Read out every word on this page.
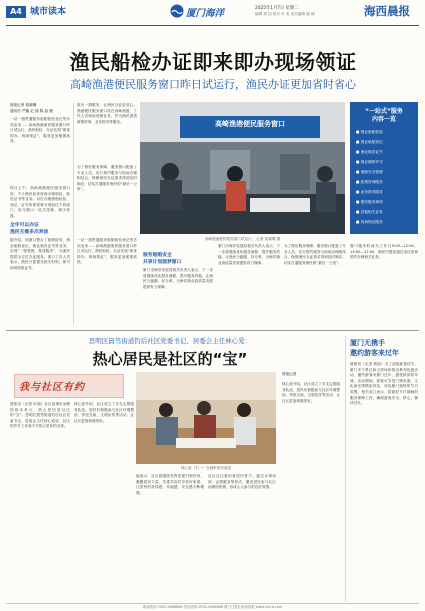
A4 城市读本	厦门海洋	2025年1月7日 星期二
编辑 刘 钧 校对 叶 美 美术编辑 姚 楠	海西晨报
渔民船检办证即来即办现场领证
高崎渔港便民服务窗口昨日试运行，渔民办证更加省时省心
晨报记者 詹颖琳
通讯员 严鑫 记 丽 陈 晶 摄
一站一窗贯通服务船舶检验登记等多项业务……高崎渔港便民服务窗口昨日试运行，渔民船检、办证实现“即来即办、现场领证”，服务更加便捷高效。
昨日上午，高崎渔港便民服务窗口前，不少渔民前来咨询办理船检、船员证书等业务。以往办理渔船检验、登记、证书申领需要分别前往不同部门，如今窗口一站式受理，减少奔波。
全年可以办证
渔民无需多次奔波
据介绍，该窗口整合了船舶检验、渔业船舶登记、渔业船员证书等业务，实现“一窗受理、集成服务”，为渔民提供全方位办证服务。窗口工作人员表示，渔民只需提交相关材料，即可现场领取证书。
推出一窗服务，让渔民办证更省心。渔港便民服务窗口设在高崎渔港，工作人员现场受理业务，并为渔民提供政策咨询、业务指导等服务。
为了做好服务保障，服务窗口配备了专业人员，实行预约服务与现场办理相结合，保障渔民办证需求得到及时响应，切实打通服务渔民的“最后一公里”。
服务船舶安全
共享计划圆梦窗口
厦门市海洋发展局相关负责人表示，下一步将继续优化服务流程，提升服务效能，让渔民少跑腿、好办事，为海洋渔业高质量发展提供有力保障。
一站一窗贯通服务船舶检验登记等多项业务……高崎渔港便民服务窗口昨日试运行，渔民船检、办证实现“即来即办、现场领证”，服务更加便捷高效。
高崎渔港便民服务窗口
高崎渔港便民服务窗口试运行。 记者 詹颖琳 摄
厦门市海洋发展局相关负责人表示，下一步将继续优化服务流程，提升服务效能，让渔民少跑腿、好办事，为海洋渔业高质量发展提供有力保障。
为了做好服务保障，服务窗口配备了专业人员，实行预约服务与现场办理相结合，保障渔民办证需求得到及时响应，切实打通服务渔民的“最后一公里”。
“一站式”服务
内容一览
■ 渔业船舶检验
■ 渔业船舶登记
■ 渔业船员证书
■ 渔业捕捞许可
■ 渔船安全管理
■ 政策咨询服务
■ 业务指导服务
■ 便民服务事项
■ 其他相关业务
■ 现场领证服务
窗口服务时间为工作日9:00—12:00、13:00—17:00，渔民可提前通过电话咨询预约办理相关业务。
思明区篔筜街道钓后社区党委书记、居委会主任林心爱：
热心居民是社区的“宝”
我与社区有约
晨报讯（记者 叶丽）社区是城市治理的基本单元，热心居民是社区的“宝”。思明区篔筜街道钓后社区党委书记、居委会主任林心爱说，社区的许多工作离不开热心居民的支持。
林心爱介绍，社区成立了多支志愿服务队伍，居民们积极参与社区环境整治、邻里互助、文明宣传等活动，让社区更加和谐美好。
林心爱（右一）在倾听居民意见
她表示，社区将继续发挥党建引领作用，凝聚居民力量，共建共治共享美好家园，让居民的获得感、幸福感、安全感不断增强。
社区还注重培育居民骨干，通过议事协商、志愿服务等形式，激发居民参与社区治理的热情，形成人人参与的良好氛围。
晨报记者
林心爱介绍，社区成立了多支志愿服务队伍，居民们积极参与社区环境整治、邻里互助、文明宣传等活动，让社区更加和谐美好。
厦门无携手
邀约游客来过年
晨报讯（记者 林韵）为了迎接新春佳节，厦门多个景区和文旅场所推出系列优惠活动，邀约游客来厦门过年，感受浓浓的年味。活动期间，游客可享受门票优惠、文化演出等精彩内容，体验厦门独特的节日氛围。相关部门表示，将做好节日期间的服务保障工作，确保游客安全、舒心、愉快过年。
新闻热线 0592-5666666 投诉热线 0592-5666666 厦门日报社海西晨报 www.xmrb.com
